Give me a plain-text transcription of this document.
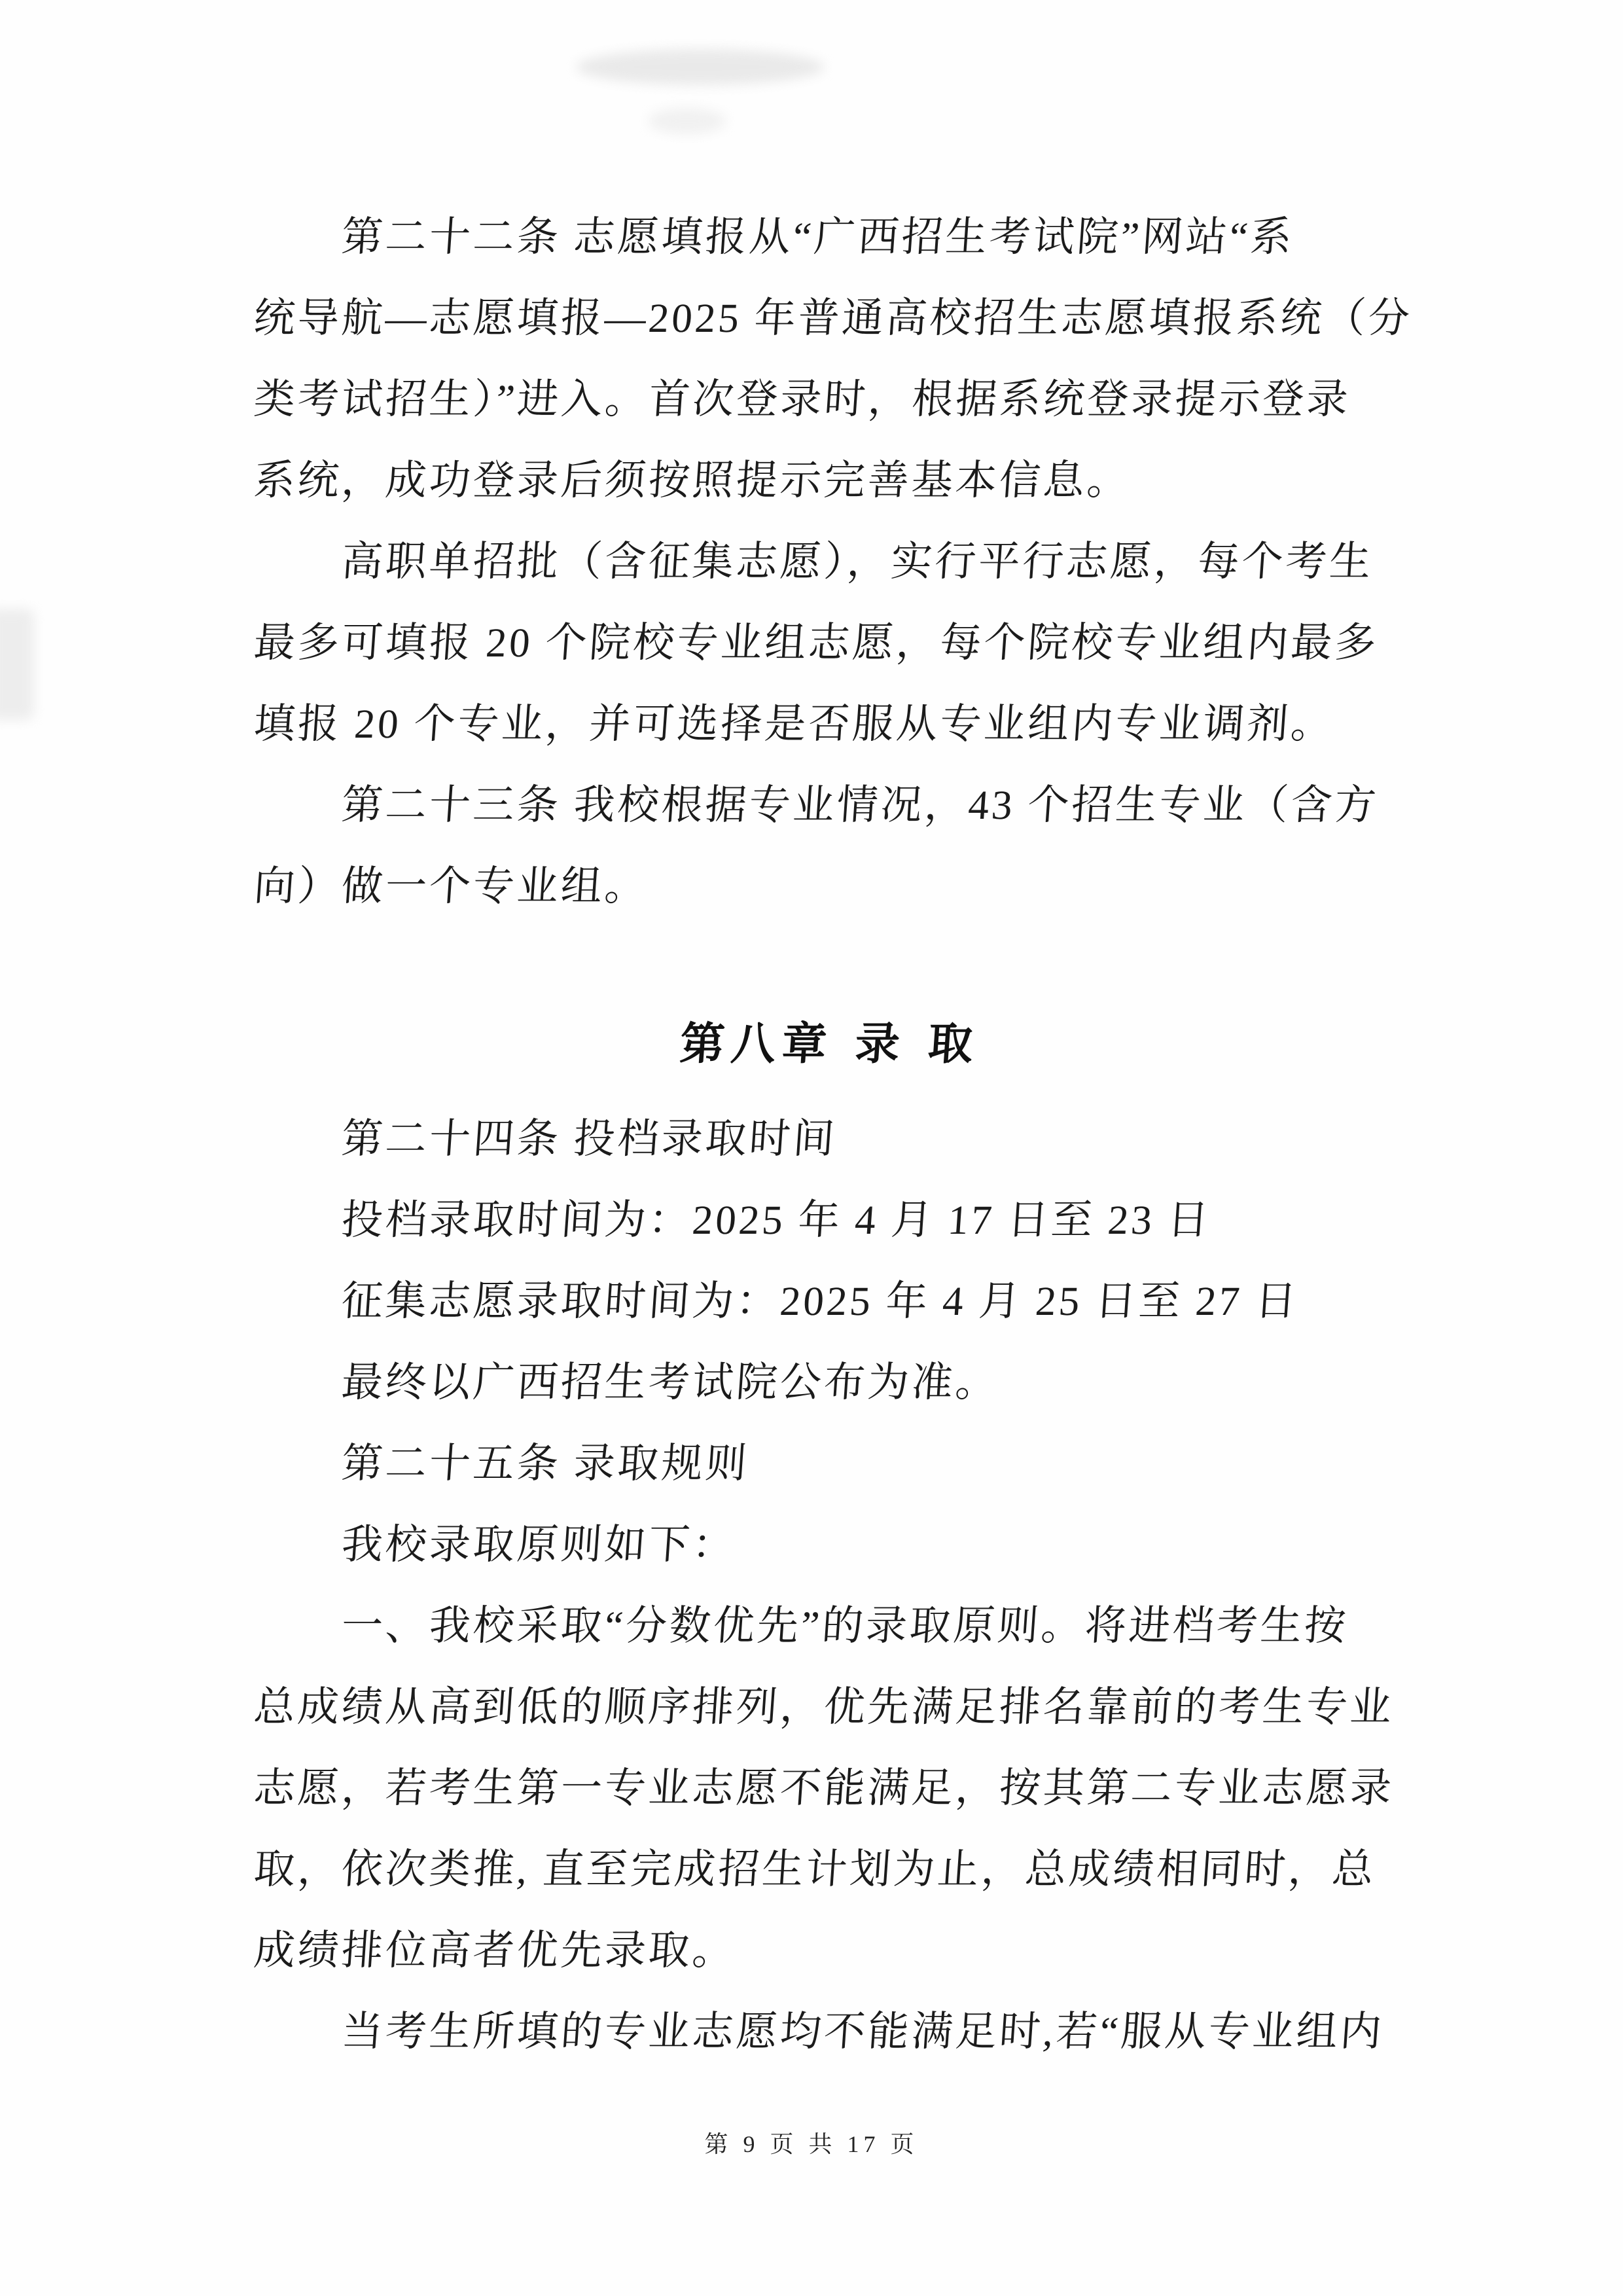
第二十二条 志愿填报从“广西招生考试院”网站“系
统导航—志愿填报—2025 年普通高校招生志愿填报系统（分
类考试招生）”进入。首次登录时，根据系统登录提示登录
系统，成功登录后须按照提示完善基本信息。
高职单招批（含征集志愿），实行平行志愿，每个考生
最多可填报 20 个院校专业组志愿，每个院校专业组内最多
填报 20 个专业，并可选择是否服从专业组内专业调剂。
第二十三条 我校根据专业情况，43 个招生专业（含方
向）做一个专业组。
第八章 录 取
第二十四条 投档录取时间
投档录取时间为：2025 年 4 月 17 日至 23 日
征集志愿录取时间为：2025 年 4 月 25 日至 27 日
最终以广西招生考试院公布为准。
第二十五条 录取规则
我校录取原则如下：
一、我校采取“分数优先”的录取原则。将进档考生按
总成绩从高到低的顺序排列，优先满足排名靠前的考生专业
志愿，若考生第一专业志愿不能满足，按其第二专业志愿录
取，依次类推, 直至完成招生计划为止，总成绩相同时，总
成绩排位高者优先录取。
当考生所填的专业志愿均不能满足时,若“服从专业组内
第 9 页 共 17 页
